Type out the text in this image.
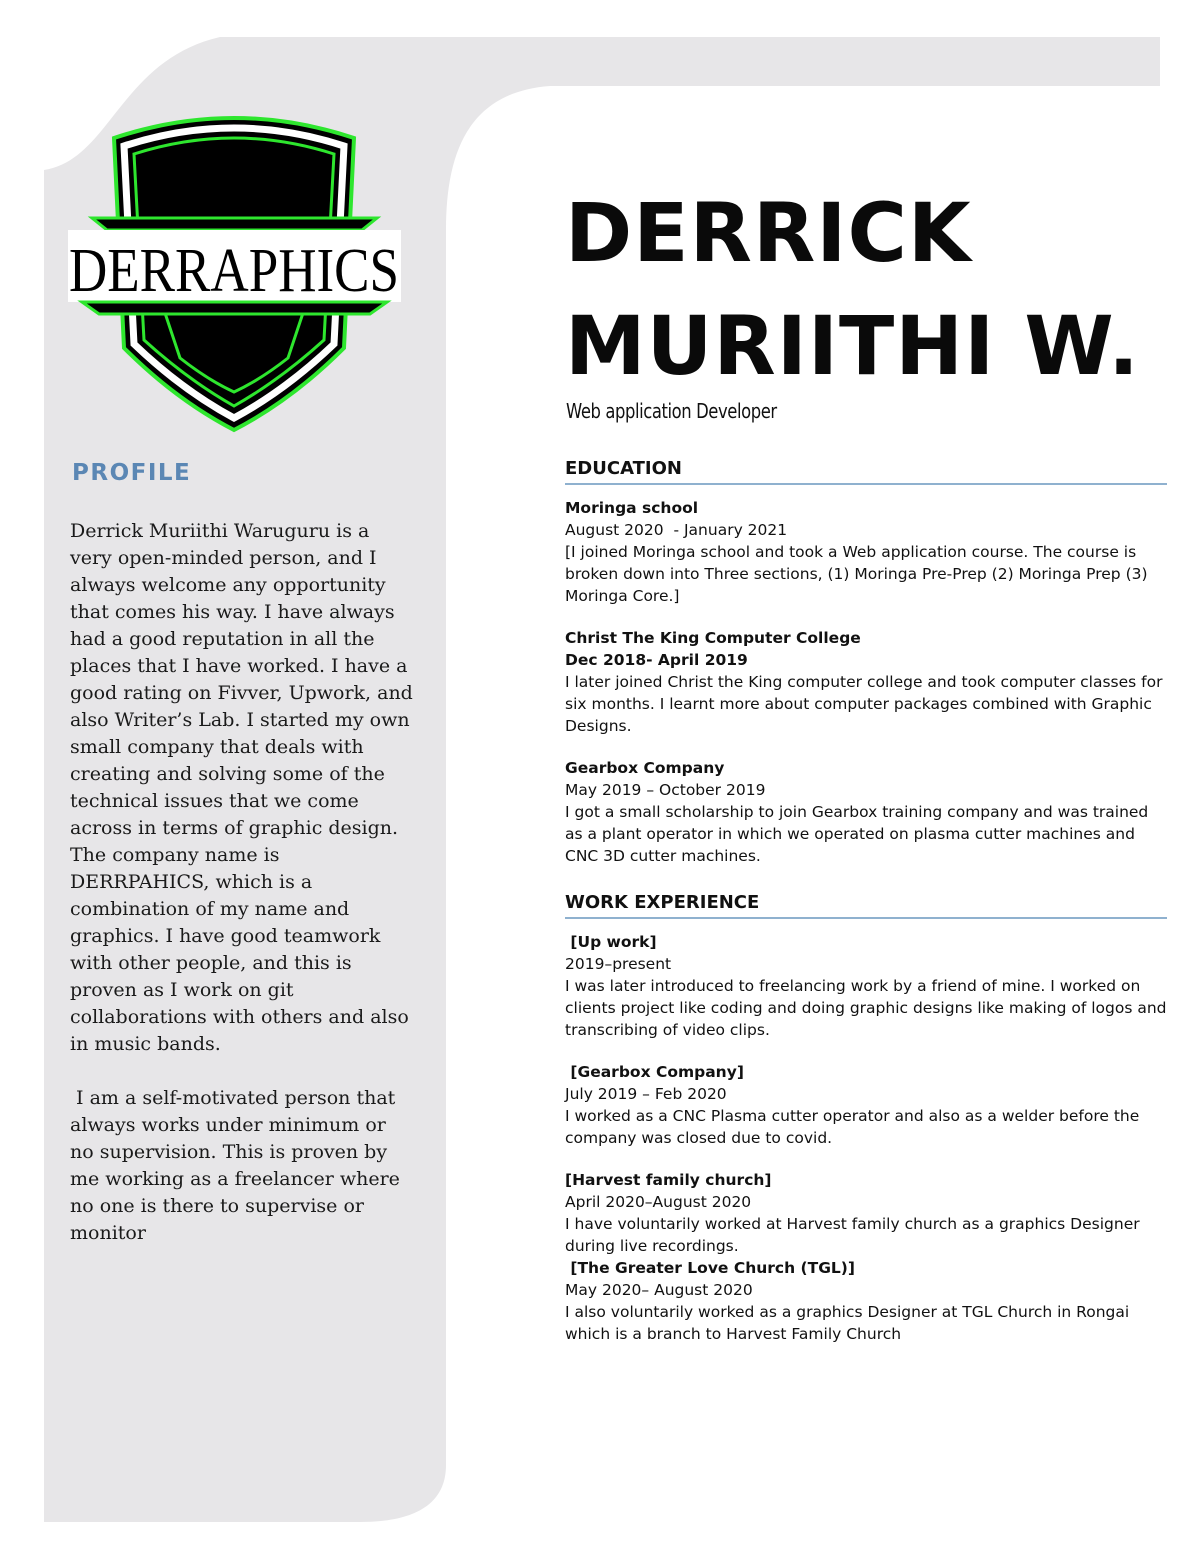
DERRAPHICS
PROFILE

Derrick Muriithi Waruguru is a very open-minded person, and I always welcome any opportunity that comes his way. I have always had a good reputation in all the places that I have worked. I have a good rating on Fivver, Upwork, and also Writer’s Lab. I started my own small company that deals with creating and solving some of the technical issues that we come across in terms of graphic design. The company name is DERRPAHICS, which is a combination of my name and graphics. I have good teamwork with other people, and this is proven as I work on git collaborations with others and also in music bands.

I am a self-motivated person that always works under minimum or no supervision. This is proven by me working as a freelancer where no one is there to supervise or monitor

DERRICK
MURIITHI W.
Web application Developer
EDUCATION
Moringa school
August 2020  - January 2021
[I joined Moringa school and took a Web application course. The course is broken down into Three sections, (1) Moringa Pre-Prep (2) Moringa Prep (3) Moringa Core.]
Christ The King Computer College
Dec 2018- April 2019
I later joined Christ the King computer college and took computer classes for six months. I learnt more about computer packages combined with Graphic Designs.
Gearbox Company
May 2019 – October 2019
I got a small scholarship to join Gearbox training company and was trained as a plant operator in which we operated on plasma cutter machines and CNC 3D cutter machines.
WORK EXPERIENCE
[Up work]
2019–present
I was later introduced to freelancing work by a friend of mine. I worked on clients project like coding and doing graphic designs like making of logos and transcribing of video clips.
[Gearbox Company]
July 2019 – Feb 2020
I worked as a CNC Plasma cutter operator and also as a welder before the company was closed due to covid.
[Harvest family church]
April 2020–August 2020
I have voluntarily worked at Harvest family church as a graphics Designer during live recordings.
[The Greater Love Church (TGL)]
May 2020– August 2020
I also voluntarily worked as a graphics Designer at TGL Church in Rongai which is a branch to Harvest Family Church
